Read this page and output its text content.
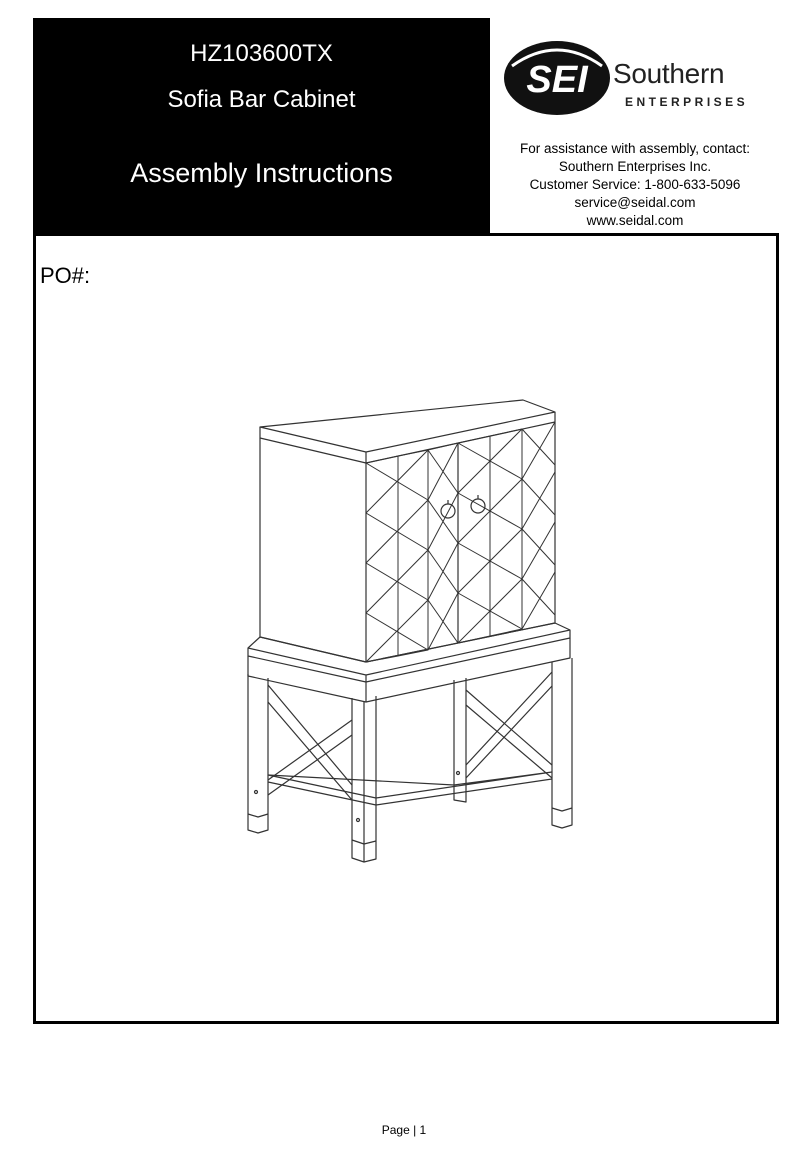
HZ103600TX
Sofia Bar Cabinet
Assembly Instructions
SEI Southern
ENTERPRISES
For assistance with assembly, contact:
Southern Enterprises Inc.
Customer Service: 1-800-633-5096
service@seidal.com
www.seidal.com
PO#:
Page | 1
